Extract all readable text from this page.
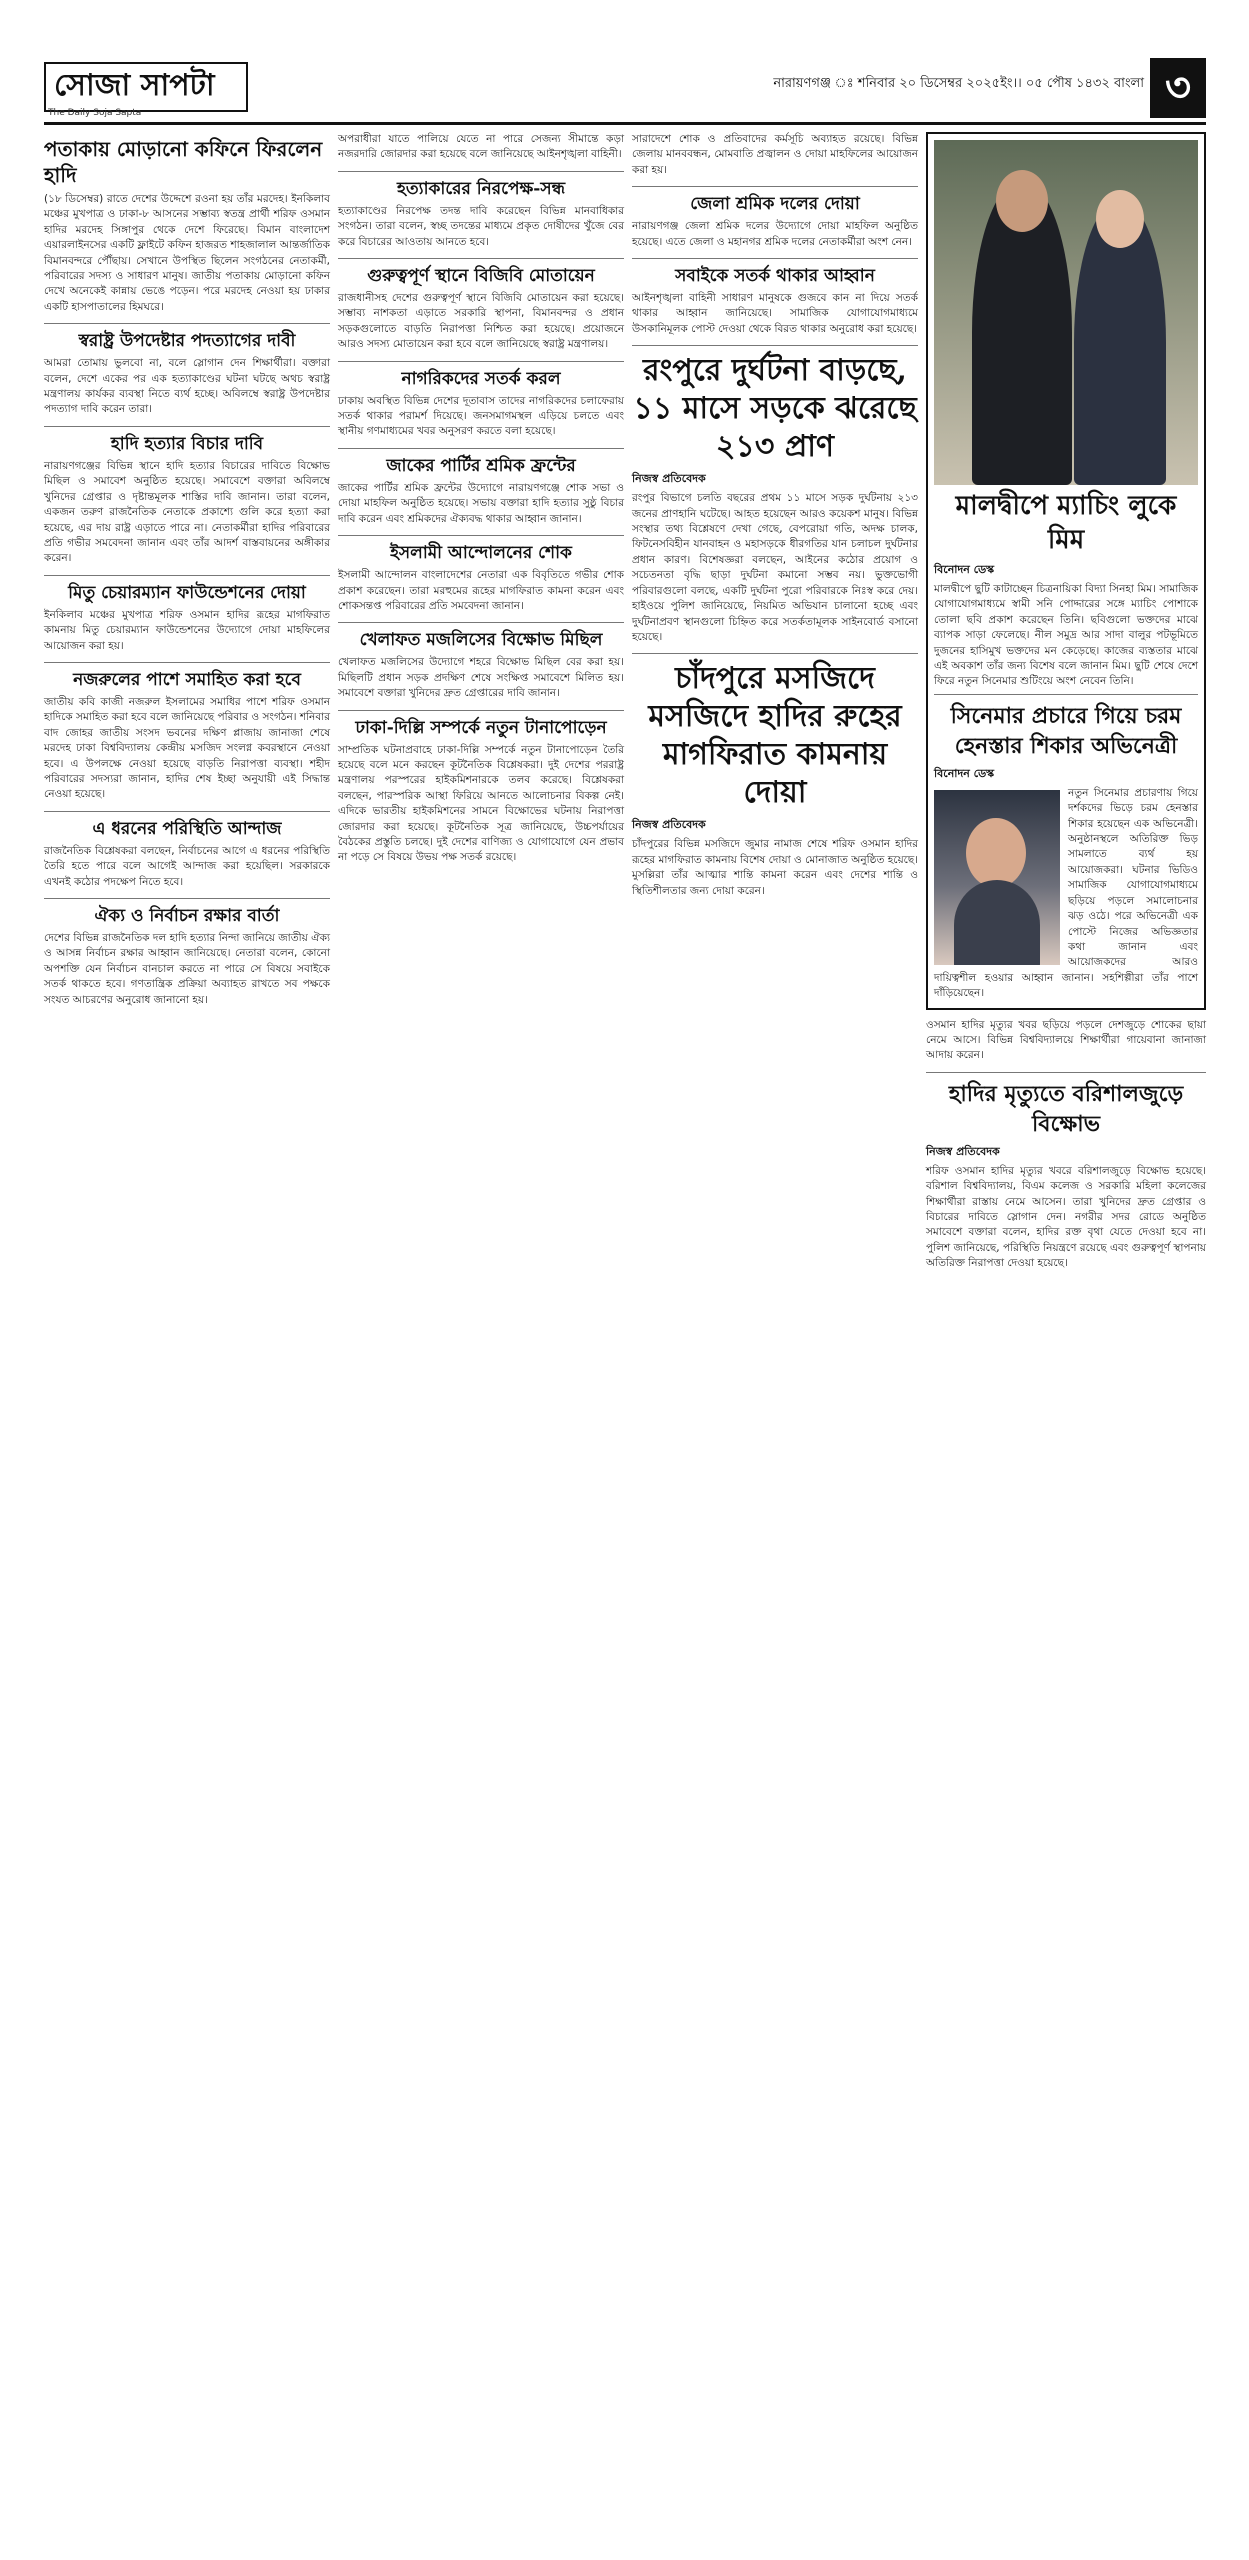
সোজা সাপটা
The Daily Soja Sapta
নারায়ণগঞ্জ ঃ শনিবার ২০ ডিসেম্বর ২০২৫ইং।। ০৫ পৌষ ১৪৩২ বাংলা ৩
পতাকায় মোড়ানো কফিনে ফিরলেন হাদি
(১৮ ডিসেম্বর) রাতে দেশের উদ্দেশে রওনা হয় তাঁর মরদেহ। ইনকিলাব মঞ্চের মুখপাত্র ও ঢাকা-৮ আসনের সম্ভাব্য স্বতন্ত্র প্রার্থী শরিফ ওসমান হাদির মরদেহ সিঙ্গাপুর থেকে দেশে ফিরেছে। বিমান বাংলাদেশ এয়ারলাইনসের একটি ফ্লাইটে কফিন হাজরত শাহজালাল আন্তর্জাতিক বিমানবন্দরে পৌঁছায়। সেখানে উপস্থিত ছিলেন সংগঠনের নেতাকর্মী, পরিবারের সদস্য ও সাধারণ মানুষ। জাতীয় পতাকায় মোড়ানো কফিন দেখে অনেকেই কান্নায় ভেঙে পড়েন। পরে মরদেহ নেওয়া হয় ঢাকার একটি হাসপাতালের হিমঘরে।
স্বরাষ্ট্র উপদেষ্টার পদত্যাগের দাবী
আমরা তোমায় ভুলবো না, বলে স্লোগান দেন শিক্ষার্থীরা। বক্তারা বলেন, দেশে একের পর এক হত্যাকাণ্ডের ঘটনা ঘটছে অথচ স্বরাষ্ট্র মন্ত্রণালয় কার্যকর ব্যবস্থা নিতে ব্যর্থ হচ্ছে। অবিলম্বে স্বরাষ্ট্র উপদেষ্টার পদত্যাগ দাবি করেন তারা।
হাদি হত্যার বিচার দাবি
নারায়ণগঞ্জের বিভিন্ন স্থানে হাদি হত্যার বিচারের দাবিতে বিক্ষোভ মিছিল ও সমাবেশ অনুষ্ঠিত হয়েছে। সমাবেশে বক্তারা অবিলম্বে খুনিদের গ্রেপ্তার ও দৃষ্টান্তমূলক শাস্তির দাবি জানান। তারা বলেন, একজন তরুণ রাজনৈতিক নেতাকে প্রকাশ্যে গুলি করে হত্যা করা হয়েছে, এর দায় রাষ্ট্র এড়াতে পারে না। নেতাকর্মীরা হাদির পরিবারের প্রতি গভীর সমবেদনা জানান এবং তাঁর আদর্শ বাস্তবায়নের অঙ্গীকার করেন।
মিতু চেয়ারম্যান ফাউন্ডেশনের দোয়া
ইনকিলাব মঞ্চের মুখপাত্র শরিফ ওসমান হাদির রূহের মাগফিরাত কামনায় মিতু চেয়ারম্যান ফাউন্ডেশনের উদ্যোগে দোয়া মাহফিলের আয়োজন করা হয়।
নজরুলের পাশে সমাহিত করা হবে
জাতীয় কবি কাজী নজরুল ইসলামের সমাধির পাশে শরিফ ওসমান হাদিকে সমাহিত করা হবে বলে জানিয়েছে পরিবার ও সংগঠন। শনিবার বাদ জোহর জাতীয় সংসদ ভবনের দক্ষিণ প্লাজায় জানাজা শেষে মরদেহ ঢাকা বিশ্ববিদ্যালয় কেন্দ্রীয় মসজিদ সংলগ্ন কবরস্থানে নেওয়া হবে। এ উপলক্ষে নেওয়া হয়েছে বাড়তি নিরাপত্তা ব্যবস্থা। শহীদ পরিবারের সদস্যরা জানান, হাদির শেষ ইচ্ছা অনুযায়ী এই সিদ্ধান্ত নেওয়া হয়েছে।
এ ধরনের পরিস্থিতি আন্দাজ
রাজনৈতিক বিশ্লেষকরা বলছেন, নির্বাচনের আগে এ ধরনের পরিস্থিতি তৈরি হতে পারে বলে আগেই আন্দাজ করা হয়েছিল। সরকারকে এখনই কঠোর পদক্ষেপ নিতে হবে।
ঐক্য ও নির্বাচন রক্ষার বার্তা
দেশের বিভিন্ন রাজনৈতিক দল হাদি হত্যার নিন্দা জানিয়ে জাতীয় ঐক্য ও আসন্ন নির্বাচন রক্ষার আহ্বান জানিয়েছে। নেতারা বলেন, কোনো অপশক্তি যেন নির্বাচন বানচাল করতে না পারে সে বিষয়ে সবাইকে সতর্ক থাকতে হবে। গণতান্ত্রিক প্রক্রিয়া অব্যাহত রাখতে সব পক্ষকে সংযত আচরণের অনুরোধ জানানো হয়।
অপরাধীরা যাতে পালিয়ে যেতে না পারে সেজন্য সীমান্তে কড়া নজরদারি জোরদার করা হয়েছে বলে জানিয়েছে আইনশৃঙ্খলা বাহিনী।
হত্যাকারের নিরপেক্ষ-সন্ধ
হত্যাকাণ্ডের নিরপেক্ষ তদন্ত দাবি করেছেন বিভিন্ন মানবাধিকার সংগঠন। তারা বলেন, স্বচ্ছ তদন্তের মাধ্যমে প্রকৃত দোষীদের খুঁজে বের করে বিচারের আওতায় আনতে হবে।
গুরুত্বপূর্ণ স্থানে বিজিবি মোতায়েন
রাজধানীসহ দেশের গুরুত্বপূর্ণ স্থানে বিজিবি মোতায়েন করা হয়েছে। সম্ভাব্য নাশকতা এড়াতে সরকারি স্থাপনা, বিমানবন্দর ও প্রধান সড়কগুলোতে বাড়তি নিরাপত্তা নিশ্চিত করা হয়েছে। প্রয়োজনে আরও সদস্য মোতায়েন করা হবে বলে জানিয়েছে স্বরাষ্ট্র মন্ত্রণালয়।
নাগরিকদের সতর্ক করল
ঢাকায় অবস্থিত বিভিন্ন দেশের দূতাবাস তাদের নাগরিকদের চলাফেরায় সতর্ক থাকার পরামর্শ দিয়েছে। জনসমাগমস্থল এড়িয়ে চলতে এবং স্থানীয় গণমাধ্যমের খবর অনুসরণ করতে বলা হয়েছে।
জাকের পার্টির শ্রমিক ফ্রন্টের
জাকের পার্টির শ্রমিক ফ্রন্টের উদ্যোগে নারায়ণগঞ্জে শোক সভা ও দোয়া মাহফিল অনুষ্ঠিত হয়েছে। সভায় বক্তারা হাদি হত্যার সুষ্ঠু বিচার দাবি করেন এবং শ্রমিকদের ঐক্যবদ্ধ থাকার আহ্বান জানান।
ইসলামী আন্দোলনের শোক
ইসলামী আন্দোলন বাংলাদেশের নেতারা এক বিবৃতিতে গভীর শোক প্রকাশ করেছেন। তারা মরহুমের রূহের মাগফিরাত কামনা করেন এবং শোকসন্তপ্ত পরিবারের প্রতি সমবেদনা জানান।
খেলাফত মজলিসের বিক্ষোভ মিছিল
খেলাফত মজলিসের উদ্যোগে শহরে বিক্ষোভ মিছিল বের করা হয়। মিছিলটি প্রধান সড়ক প্রদক্ষিণ শেষে সংক্ষিপ্ত সমাবেশে মিলিত হয়। সমাবেশে বক্তারা খুনিদের দ্রুত গ্রেপ্তারের দাবি জানান।
ঢাকা-দিল্লি সম্পর্কে নতুন টানাপোড়েন
সাম্প্রতিক ঘটনাপ্রবাহে ঢাকা-দিল্লি সম্পর্কে নতুন টানাপোড়েন তৈরি হয়েছে বলে মনে করছেন কূটনৈতিক বিশ্লেষকরা। দুই দেশের পররাষ্ট্র মন্ত্রণালয় পরস্পরের হাইকমিশনারকে তলব করেছে। বিশ্লেষকরা বলছেন, পারস্পরিক আস্থা ফিরিয়ে আনতে আলোচনার বিকল্প নেই। এদিকে ভারতীয় হাইকমিশনের সামনে বিক্ষোভের ঘটনায় নিরাপত্তা জোরদার করা হয়েছে। কূটনৈতিক সূত্র জানিয়েছে, উচ্চপর্যায়ের বৈঠকের প্রস্তুতি চলছে। দুই দেশের বাণিজ্য ও যোগাযোগে যেন প্রভাব না পড়ে সে বিষয়ে উভয় পক্ষ সতর্ক রয়েছে।
সারাদেশে শোক ও প্রতিবাদের কর্মসূচি অব্যাহত রয়েছে। বিভিন্ন জেলায় মানববন্ধন, মোমবাতি প্রজ্বালন ও দোয়া মাহফিলের আয়োজন করা হয়।
জেলা শ্রমিক দলের দোয়া
নারায়ণগঞ্জ জেলা শ্রমিক দলের উদ্যোগে দোয়া মাহফিল অনুষ্ঠিত হয়েছে। এতে জেলা ও মহানগর শ্রমিক দলের নেতাকর্মীরা অংশ নেন।
সবাইকে সতর্ক থাকার আহ্বান
আইনশৃঙ্খলা বাহিনী সাধারণ মানুষকে গুজবে কান না দিয়ে সতর্ক থাকার আহ্বান জানিয়েছে। সামাজিক যোগাযোগমাধ্যমে উসকানিমূলক পোস্ট দেওয়া থেকে বিরত থাকার অনুরোধ করা হয়েছে।
রংপুরে দুর্ঘটনা বাড়ছে, ১১ মাসে সড়কে ঝরেছে ২১৩ প্রাণ
নিজস্ব প্রতিবেদক
রংপুর বিভাগে চলতি বছরের প্রথম ১১ মাসে সড়ক দুর্ঘটনায় ২১৩ জনের প্রাণহানি ঘটেছে। আহত হয়েছেন আরও কয়েকশ মানুষ। বিভিন্ন সংস্থার তথ্য বিশ্লেষণে দেখা গেছে, বেপরোয়া গতি, অদক্ষ চালক, ফিটনেসবিহীন যানবাহন ও মহাসড়কে ধীরগতির যান চলাচল দুর্ঘটনার প্রধান কারণ। বিশেষজ্ঞরা বলছেন, আইনের কঠোর প্রয়োগ ও সচেতনতা বৃদ্ধি ছাড়া দুর্ঘটনা কমানো সম্ভব নয়। ভুক্তভোগী পরিবারগুলো বলছে, একটি দুর্ঘটনা পুরো পরিবারকে নিঃস্ব করে দেয়। হাইওয়ে পুলিশ জানিয়েছে, নিয়মিত অভিযান চালানো হচ্ছে এবং দুর্ঘটনাপ্রবণ স্থানগুলো চিহ্নিত করে সতর্কতামূলক সাইনবোর্ড বসানো হয়েছে।
চাঁদপুরে মসজিদে মসজিদে হাদির রুহের মাগফিরাত কামনায় দোয়া
নিজস্ব প্রতিবেদক
চাঁদপুরের বিভিন্ন মসজিদে জুমার নামাজ শেষে শরিফ ওসমান হাদির রূহের মাগফিরাত কামনায় বিশেষ দোয়া ও মোনাজাত অনুষ্ঠিত হয়েছে। মুসল্লিরা তাঁর আত্মার শান্তি কামনা করেন এবং দেশের শান্তি ও স্থিতিশীলতার জন্য দোয়া করেন।
মালদ্বীপে ম্যাচিং লুকে মিম
বিনোদন ডেস্ক
মালদ্বীপে ছুটি কাটাচ্ছেন চিত্রনায়িকা বিদ্যা সিনহা মিম। সামাজিক যোগাযোগমাধ্যমে স্বামী সনি পোদ্দারের সঙ্গে ম্যাচিং পোশাকে তোলা ছবি প্রকাশ করেছেন তিনি। ছবিগুলো ভক্তদের মাঝে ব্যাপক সাড়া ফেলেছে। নীল সমুদ্র আর সাদা বালুর পটভূমিতে দুজনের হাসিমুখ ভক্তদের মন কেড়েছে। কাজের ব্যস্ততার মাঝে এই অবকাশ তাঁর জন্য বিশেষ বলে জানান মিম। ছুটি শেষে দেশে ফিরে নতুন সিনেমার শুটিংয়ে অংশ নেবেন তিনি।
সিনেমার প্রচারে গিয়ে চরম হেনস্তার শিকার অভিনেত্রী
বিনোদন ডেস্ক
নতুন সিনেমার প্রচারণায় গিয়ে দর্শকদের ভিড়ে চরম হেনস্তার শিকার হয়েছেন এক অভিনেত্রী। অনুষ্ঠানস্থলে অতিরিক্ত ভিড় সামলাতে ব্যর্থ হয় আয়োজকরা। ঘটনার ভিডিও সামাজিক যোগাযোগমাধ্যমে ছড়িয়ে পড়লে সমালোচনার ঝড় ওঠে। পরে অভিনেত্রী এক পোস্টে নিজের অভিজ্ঞতার কথা জানান এবং আয়োজকদের আরও দায়িত্বশীল হওয়ার আহ্বান জানান। সহশিল্পীরা তাঁর পাশে দাঁড়িয়েছেন।
ওসমান হাদির মৃত্যুর খবর ছড়িয়ে পড়লে দেশজুড়ে শোকের ছায়া নেমে আসে। বিভিন্ন বিশ্ববিদ্যালয়ে শিক্ষার্থীরা গায়েবানা জানাজা আদায় করেন।
হাদির মৃত্যুতে বরিশালজুড়ে বিক্ষোভ
নিজস্ব প্রতিবেদক
শরিফ ওসমান হাদির মৃত্যুর খবরে বরিশালজুড়ে বিক্ষোভ হয়েছে। বরিশাল বিশ্ববিদ্যালয়, বিএম কলেজ ও সরকারি মহিলা কলেজের শিক্ষার্থীরা রাস্তায় নেমে আসেন। তারা খুনিদের দ্রুত গ্রেপ্তার ও বিচারের দাবিতে স্লোগান দেন। নগরীর সদর রোডে অনুষ্ঠিত সমাবেশে বক্তারা বলেন, হাদির রক্ত বৃথা যেতে দেওয়া হবে না। পুলিশ জানিয়েছে, পরিস্থিতি নিয়ন্ত্রণে রয়েছে এবং গুরুত্বপূর্ণ স্থাপনায় অতিরিক্ত নিরাপত্তা দেওয়া হয়েছে।
